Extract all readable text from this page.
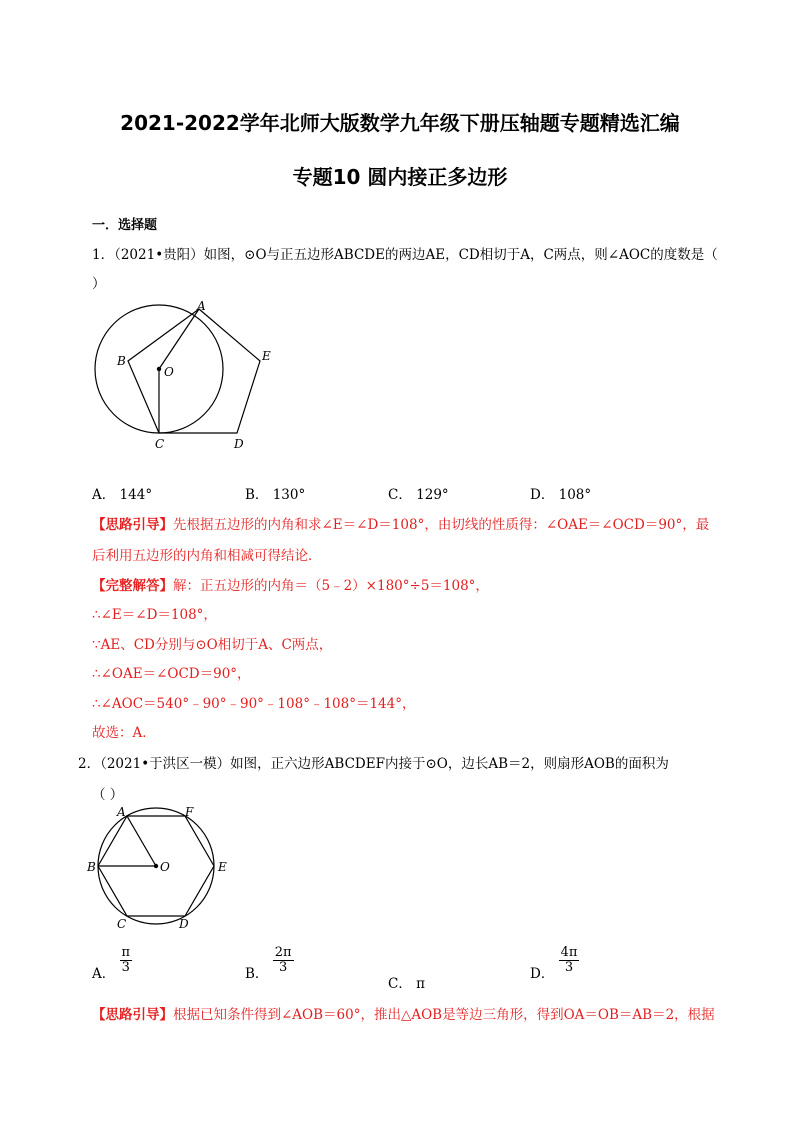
2021-2022学年北师大版数学九年级下册压轴题专题精选汇编
专题10 圆内接正多边形
一．选择题
1．（2021•贵阳）如图，⊙O与正五边形ABCDE的两边AE，CD相切于A，C两点，则∠AOC的度数是（
）
A
B
C	D
E
O
A． 144°	B． 130°	C． 129°	D． 108°
【思路引导】先根据五边形的内角和求∠E＝∠D＝108°，由切线的性质得：∠OAE＝∠OCD＝90°，最
后利用五边形的内角和相减可得结论．
【完整解答】解：正五边形的内角＝（5﹣2）×180°÷5＝108°，
∴∠E＝∠D＝108°，
∵AE、CD分别与⊙O相切于A、C两点，
∴∠OAE＝∠OCD＝90°，
∴∠AOC＝540°﹣90°﹣90°﹣108°﹣108°＝144°，
故选：A．
2．（2021•于洪区一模）如图，正六边形ABCDEF内接于⊙O，边长AB＝2，则扇形AOB的面积为
（ ）
A
B
C	D
E
F
O
A． $\frac{\pi}{3}$	B． $\frac{2\pi}{3}$
C． π
D． $\frac{4\pi}{3}$
【思路引导】根据已知条件得到∠AOB＝60°，推出△AOB是等边三角形，得到OA＝OB＝AB＝2，根据
